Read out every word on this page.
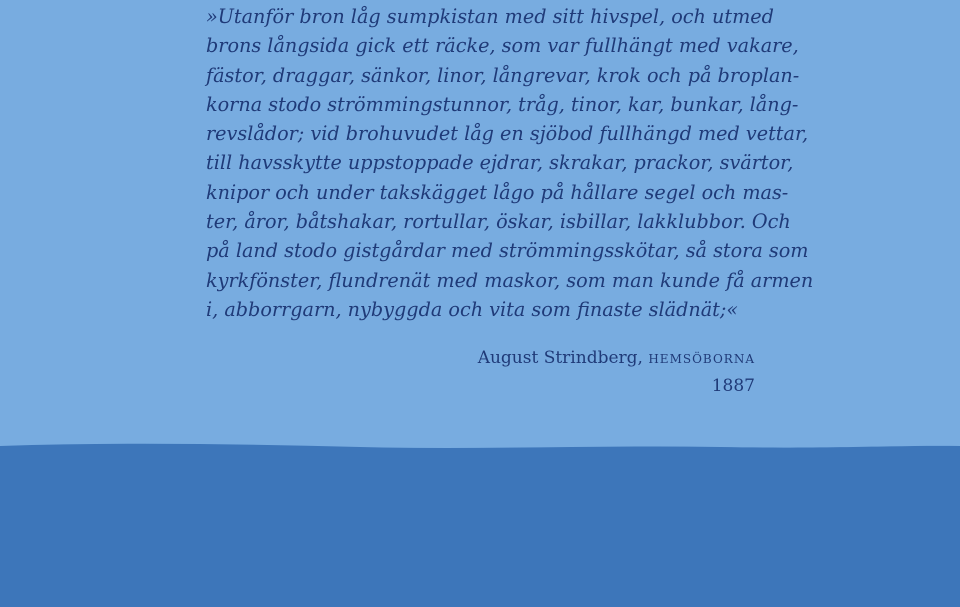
»Utanför bron låg sumpkistan med sitt hivspel, och utmed
brons långsida gick ett räcke, som var fullhängt med vakare,
fästor, draggar, sänkor, linor, långrevar, krok och på broplan-
korna stodo strömmingstunnor, tråg, tinor, kar, bunkar, lång-
revslådor; vid brohuvudet låg en sjöbod fullhängd med vettar,
till havsskytte uppstoppade ejdrar, skrakar, prackor, svärtor,
knipor och under takskägget lågo på hållare segel och mas-
ter, åror, båtshakar, rortullar, öskar, isbillar, lakklubbor. Och
på land stodo gistgårdar med strömmingsskötar, så stora som
kyrkfönster, flundrenät med maskor, som man kunde få armen
i, abborrgarn, nybyggda och vita som finaste slädnät;«
August Strindberg, hemsöborna
1887
